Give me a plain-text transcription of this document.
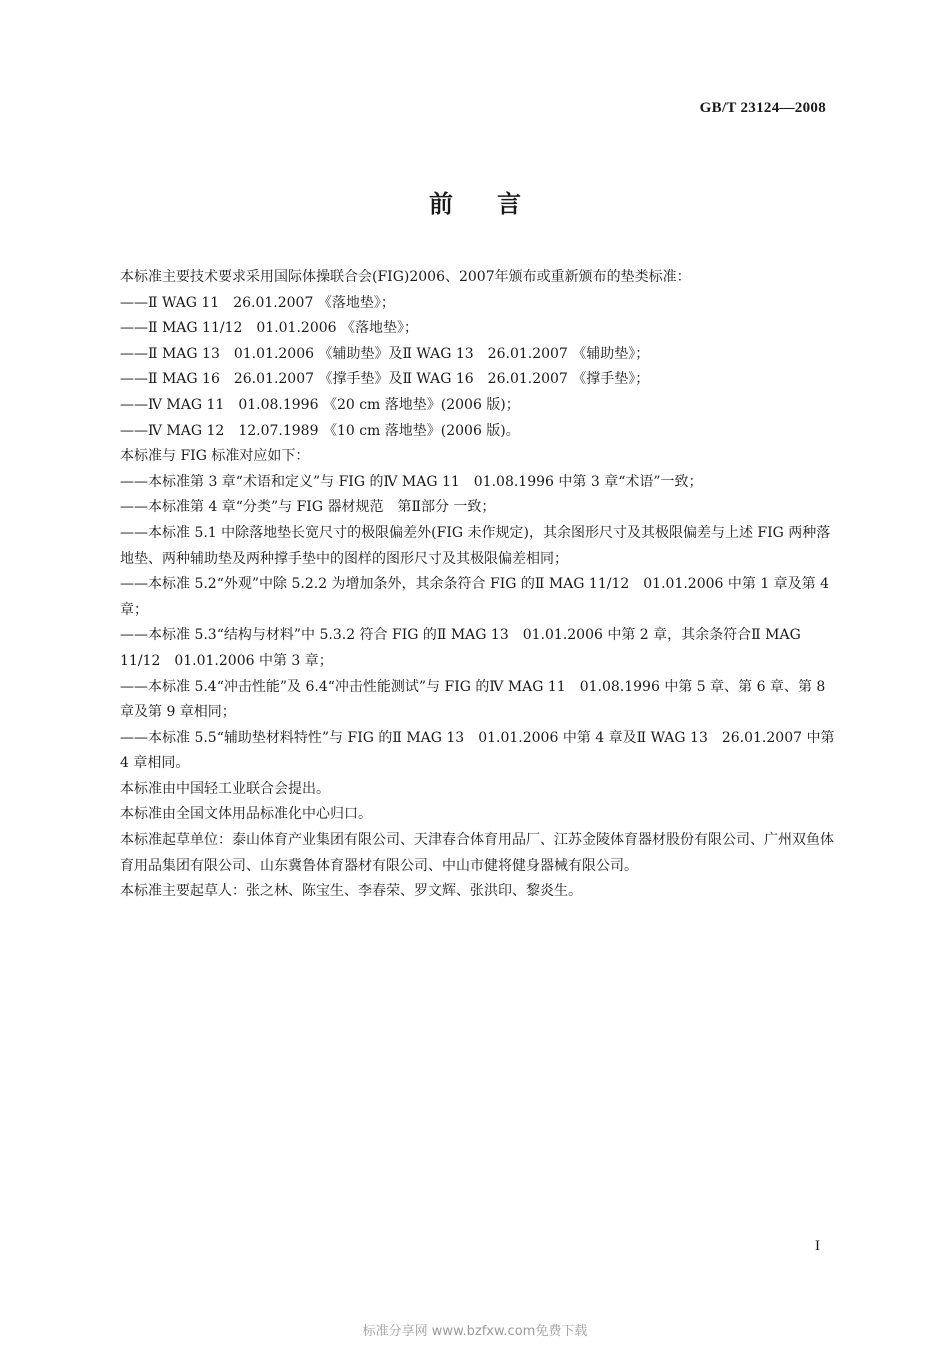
GB/T 23124—2008
前言

本标准主要技术要求采用国际体操联合会(FIG)2006、2007年颁布或重新颁布的垫类标准：

——Ⅱ WAG 11　26.01.2007 《落地垫》；

——Ⅱ MAG 11/12　01.01.2006 《落地垫》；

——Ⅱ MAG 13　01.01.2006 《辅助垫》及Ⅱ WAG 13　26.01.2007 《辅助垫》；

——Ⅱ MAG 16　26.01.2007 《撑手垫》及Ⅱ WAG 16　26.01.2007 《撑手垫》；

——Ⅳ MAG 11　01.08.1996 《20 cm 落地垫》(2006 版)；

——Ⅳ MAG 12　12.07.1989 《10 cm 落地垫》(2006 版)。

本标准与 FIG 标准对应如下：

——本标准第 3 章“术语和定义”与 FIG 的Ⅳ MAG 11　01.08.1996 中第 3 章“术语”一致；

——本标准第 4 章“分类”与 FIG 器材规范　第Ⅱ部分 一致；

——本标准 5.1 中除落地垫长宽尺寸的极限偏差外(FIG 未作规定)，其余图形尺寸及其极限偏差与上述 FIG 两种落地垫、两种辅助垫及两种撑手垫中的图样的图形尺寸及其极限偏差相同；

——本标准 5.2“外观”中除 5.2.2 为增加条外，其余条符合 FIG 的Ⅱ MAG 11/12　01.01.2006 中第 1 章及第 4 章；

——本标准 5.3“结构与材料”中 5.3.2 符合 FIG 的Ⅱ MAG 13　01.01.2006 中第 2 章，其余条符合Ⅱ MAG 11/12　01.01.2006 中第 3 章；

——本标准 5.4“冲击性能”及 6.4“冲击性能测试”与 FIG 的Ⅳ MAG 11　01.08.1996 中第 5 章、第 6 章、第 8 章及第 9 章相同；

——本标准 5.5“辅助垫材料特性”与 FIG 的Ⅱ MAG 13　01.01.2006 中第 4 章及Ⅱ WAG 13　26.01.2007 中第 4 章相同。

本标准由中国轻工业联合会提出。

本标准由全国文体用品标准化中心归口。

本标准起草单位：泰山体育产业集团有限公司、天津春合体育用品厂、江苏金陵体育器材股份有限公司、广州双鱼体育用品集团有限公司、山东冀鲁体育器材有限公司、中山市健将健身器械有限公司。

本标准主要起草人：张之林、陈宝生、李春荣、罗文辉、张洪印、黎炎生。

I
标准分享网 www.bzfxw.com免费下载
